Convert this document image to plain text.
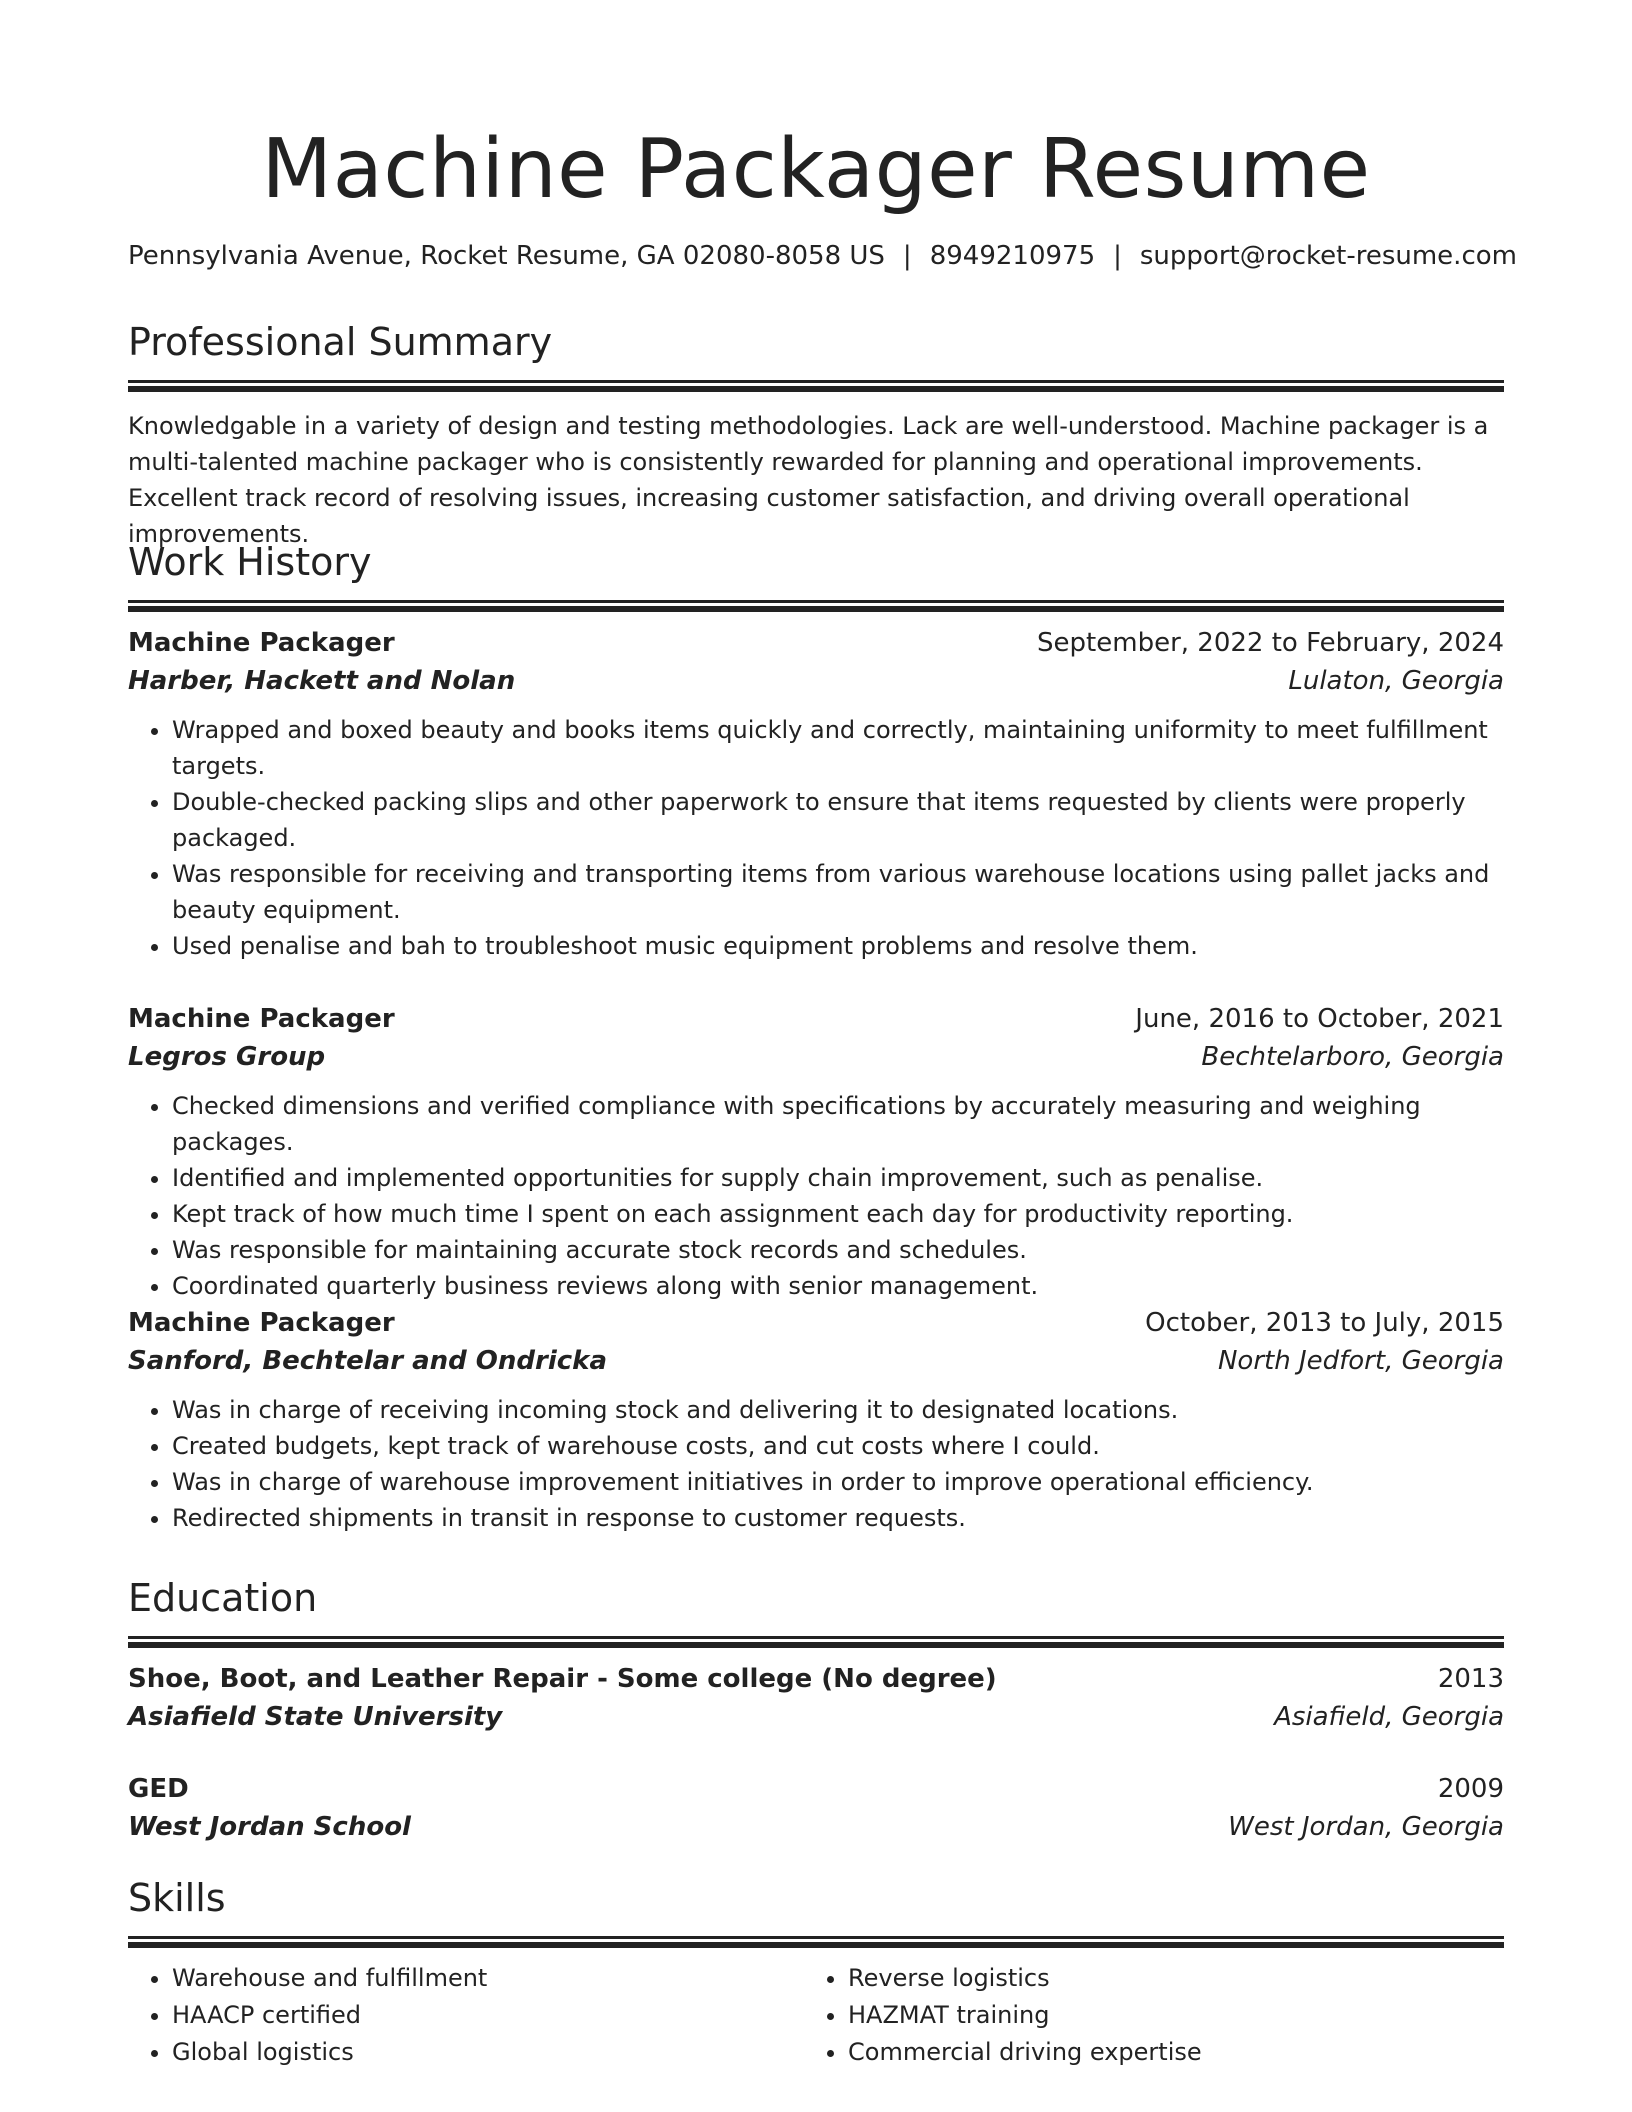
Machine Packager Resume
Pennsylvania Avenue, Rocket Resume, GA 02080-8058 US | 8949210975 | support@rocket-resume.com
Professional Summary

Knowledgable in a variety of design and testing methodologies. Lack are well-understood. Machine packager is a multi-talented machine packager who is consistently rewarded for planning and operational improvements. Excellent track record of resolving issues, increasing customer satisfaction, and driving overall operational improvements.

Work History
Machine Packager	September, 2022 to February, 2024
Harber, Hackett and Nolan	Lulaton, Georgia
• Wrapped and boxed beauty and books items quickly and correctly, maintaining uniformity to meet fulfillment targets.
• Double-checked packing slips and other paperwork to ensure that items requested by clients were properly packaged.
• Was responsible for receiving and transporting items from various warehouse locations using pallet jacks and beauty equipment.
• Used penalise and bah to troubleshoot music equipment problems and resolve them.
Machine Packager	June, 2016 to October, 2021
Legros Group	Bechtelarboro, Georgia
• Checked dimensions and verified compliance with specifications by accurately measuring and weighing packages.
• Identified and implemented opportunities for supply chain improvement, such as penalise.
• Kept track of how much time I spent on each assignment each day for productivity reporting.
• Was responsible for maintaining accurate stock records and schedules.
• Coordinated quarterly business reviews along with senior management.
Machine Packager	October, 2013 to July, 2015
Sanford, Bechtelar and Ondricka	North Jedfort, Georgia
• Was in charge of receiving incoming stock and delivering it to designated locations.
• Created budgets, kept track of warehouse costs, and cut costs where I could.
• Was in charge of warehouse improvement initiatives in order to improve operational efficiency.
• Redirected shipments in transit in response to customer requests.
Education
Shoe, Boot, and Leather Repair - Some college (No degree)	2013
Asiafield State University	Asiafield, Georgia
GED	2009
West Jordan School	West Jordan, Georgia
Skills
• Warehouse and fulfillment
• HAACP certified
• Global logistics
• Reverse logistics
• HAZMAT training
• Commercial driving expertise
